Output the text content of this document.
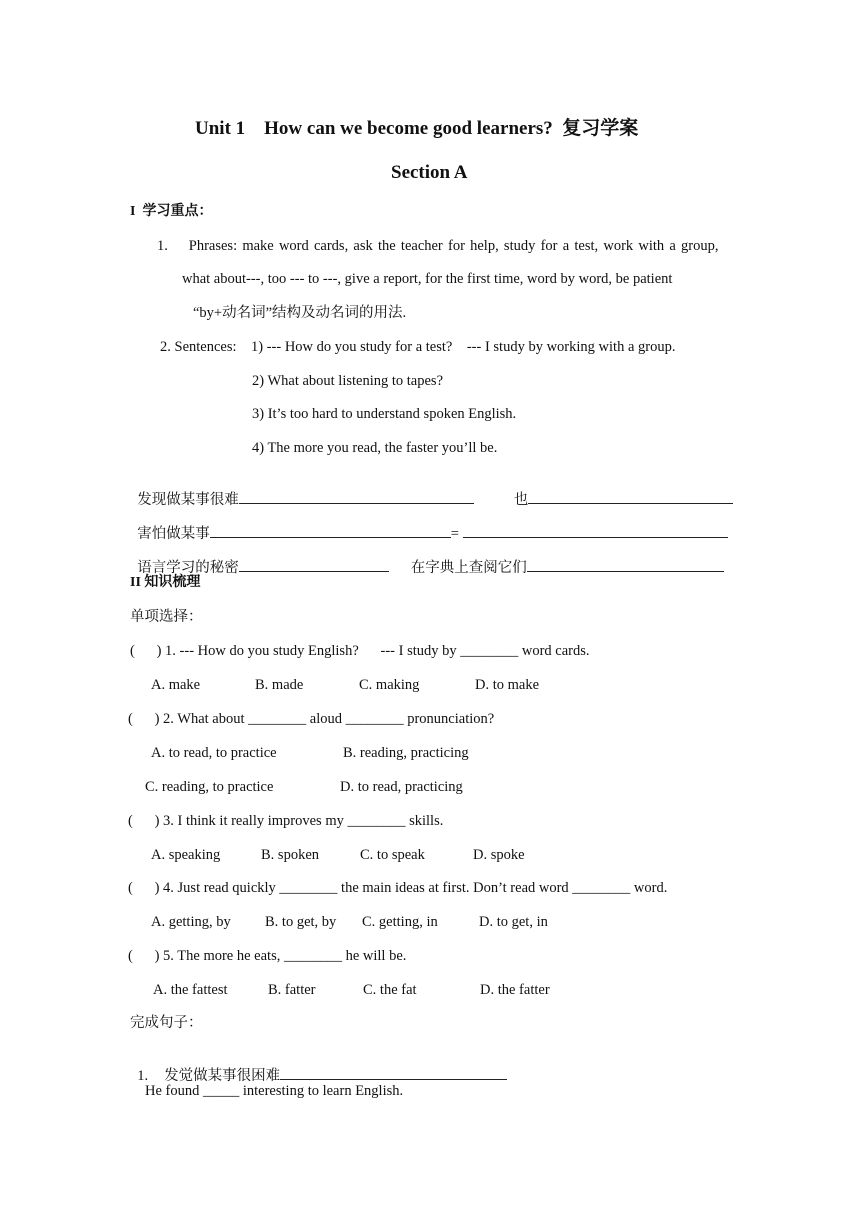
Unit 1    How can we become good learners?  复习学案
Section A
I  学习重点：
1.    Phrases: make word cards, ask the teacher for help, study for a test, work with a group,
what about---, too --- to ---, give a report, for the first time, word by word, be patient
“by+动名词”结构及动名词的用法.
2. Sentences:    1) --- How do you study for a test?    --- I study by working with a group.
2) What about listening to tapes?
3) It’s too hard to understand spoken English.
4) The more you read, the faster you’ll be.

发现做某事很难	也

害怕做某事	=

语言学习的秘密	在字典上查阅它们

II 知识梳理
单项选择：
(      ) 1. --- How do you study English?      --- I study by ________ word cards.
A. make	B. made	C. making	D. to make
(      ) 2. What about ________ aloud ________ pronunciation?
A. to read, to practice	B. reading, practicing
C. reading, to practice	D. to read, practicing
(      ) 3. I think it really improves my ________ skills.
A. speaking	B. spoken	C. to speak	D. spoke
(      ) 4. Just read quickly ________ the main ideas at first. Don’t read word ________ word.
A. getting, by B. to get, by C. getting, in	D. to get, in
(      ) 5. The more he eats, ________ he will be.
A. the fattest	B. fatter	C. the fat	D. the fatter
完成句子：

1. 发觉做某事很困难

He found _____ interesting to learn English.
